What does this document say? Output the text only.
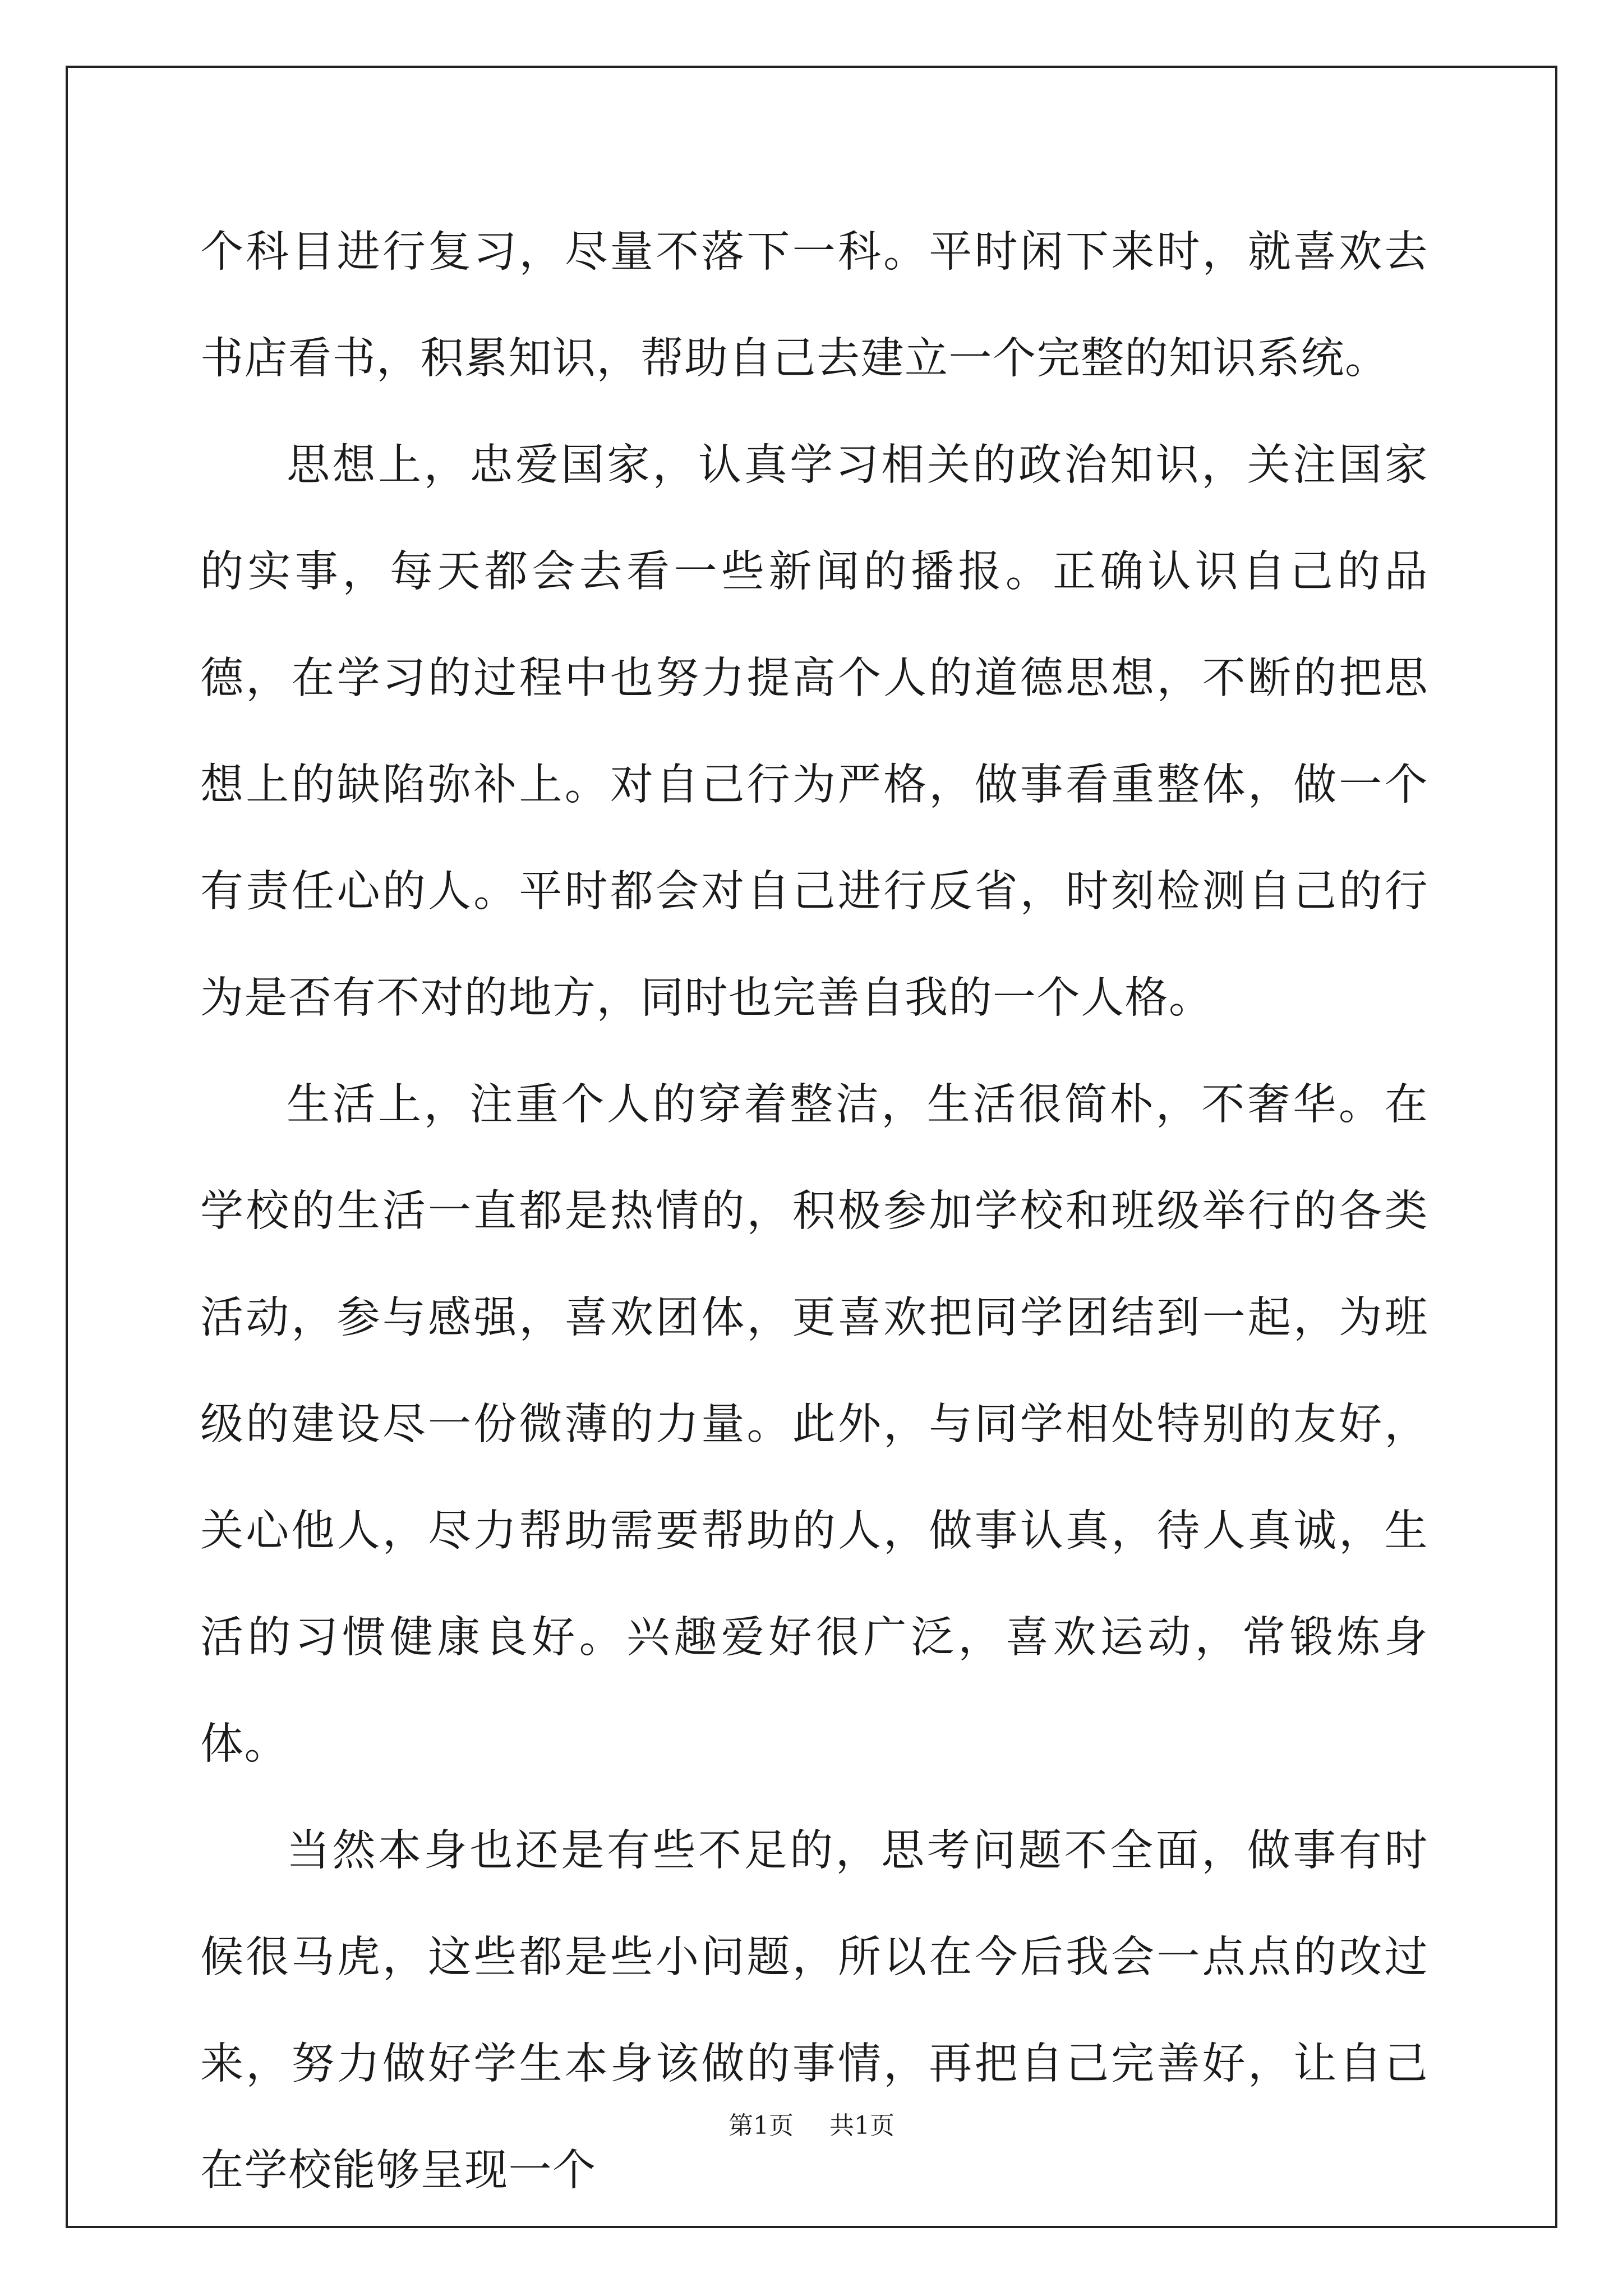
个科目进行复习，尽量不落下一科。平时闲下来时，就喜欢去书店看书，积累知识，帮助自己去建立一个完整的知识系统。

思想上，忠爱国家，认真学习相关的政治知识，关注国家的实事，每天都会去看一些新闻的播报。正确认识自己的品德，在学习的过程中也努力提高个人的道德思想，不断的把思想上的缺陷弥补上。对自己行为严格，做事看重整体，做一个有责任心的人。平时都会对自己进行反省，时刻检测自己的行为是否有不对的地方，同时也完善自我的一个人格。

生活上，注重个人的穿着整洁，生活很简朴，不奢华。在学校的生活一直都是热情的，积极参加学校和班级举行的各类活动，参与感强，喜欢团体，更喜欢把同学团结到一起，为班级的建设尽一份微薄的力量。此外，与同学相处特别的友好，关心他人，尽力帮助需要帮助的人，做事认真，待人真诚，生活的习惯健康良好。兴趣爱好很广泛，喜欢运动，常锻炼身体。

当然本身也还是有些不足的，思考问题不全面，做事有时候很马虎，这些都是些小问题，所以在今后我会一点点的改过来，努力做好学生本身该做的事情，再把自己完善好，让自己在学校能够呈现一个

第1页 共1页
